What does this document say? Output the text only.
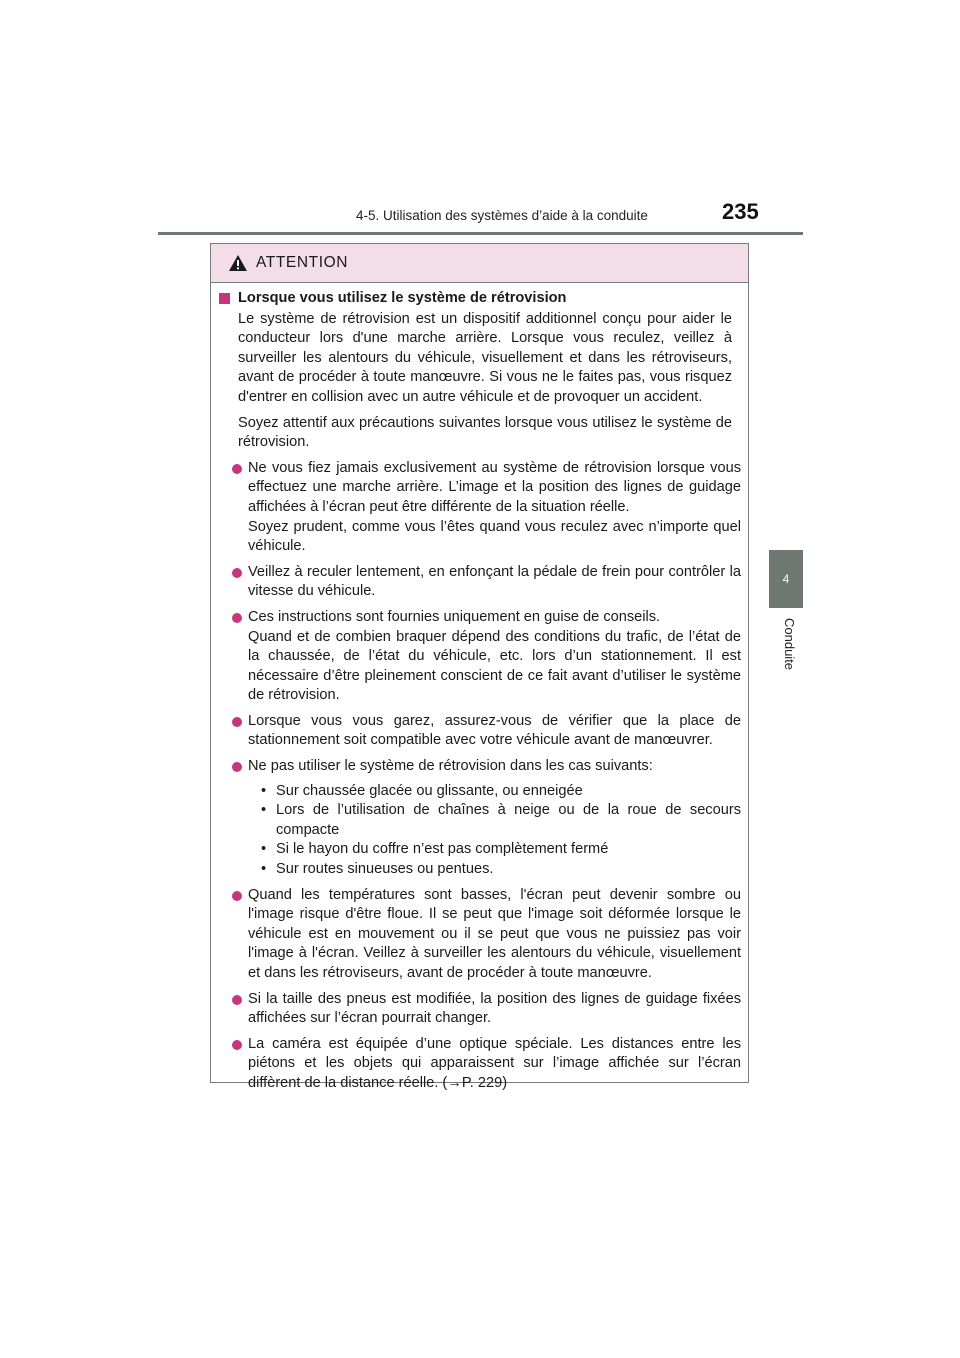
4-5. Utilisation des systèmes d’aide à la conduite	235
4
Conduite
ATTENTION
Lorsque vous utilisez le système de rétrovision
Le système de rétrovision est un dispositif additionnel conçu pour aider le conducteur lors d'une marche arrière. Lorsque vous reculez, veillez à surveiller les alentours du véhicule, visuellement et dans les rétroviseurs, avant de procéder à toute manœuvre. Si vous ne le faites pas, vous risquez d'entrer en collision avec un autre véhicule et de provoquer un accident.
Soyez attentif aux précautions suivantes lorsque vous utilisez le système de rétrovision.
Ne vous fiez jamais exclusivement au système de rétrovision lorsque vous effectuez une marche arrière. L’image et la position des lignes de guidage affichées à l’écran peut être différente de la situation réelle.
Soyez prudent, comme vous l’êtes quand vous reculez avec n’importe quel véhicule.
Veillez à reculer lentement, en enfonçant la pédale de frein pour contrôler la vitesse du véhicule.
Ces instructions sont fournies uniquement en guise de conseils.
Quand et de combien braquer dépend des conditions du trafic, de l’état de la chaussée, de l’état du véhicule, etc. lors d’un stationnement. Il est nécessaire d’être pleinement conscient de ce fait avant d’utiliser le système de rétrovision.
Lorsque vous vous garez, assurez-vous de vérifier que la place de stationnement soit compatible avec votre véhicule avant de manœuvrer.
Ne pas utiliser le système de rétrovision dans les cas suivants:
• Sur chaussée glacée ou glissante, ou enneigée
• Lors de l’utilisation de chaînes à neige ou de la roue de secours compacte
• Si le hayon du coffre n’est pas complètement fermé
• Sur routes sinueuses ou pentues.
Quand les températures sont basses, l'écran peut devenir sombre ou l'image risque d'être floue. Il se peut que l'image soit déformée lorsque le véhicule est en mouvement ou il se peut que vous ne puissiez pas voir l'image à l'écran. Veillez à surveiller les alentours du véhicule, visuellement et dans les rétroviseurs, avant de procéder à toute manœuvre.
Si la taille des pneus est modifiée, la position des lignes de guidage fixées affichées sur l’écran pourrait changer.
La caméra est équipée d’une optique spéciale. Les distances entre les piétons et les objets qui apparaissent sur l’image affichée sur l’écran diffèrent de la distance réelle. (→P. 229)
